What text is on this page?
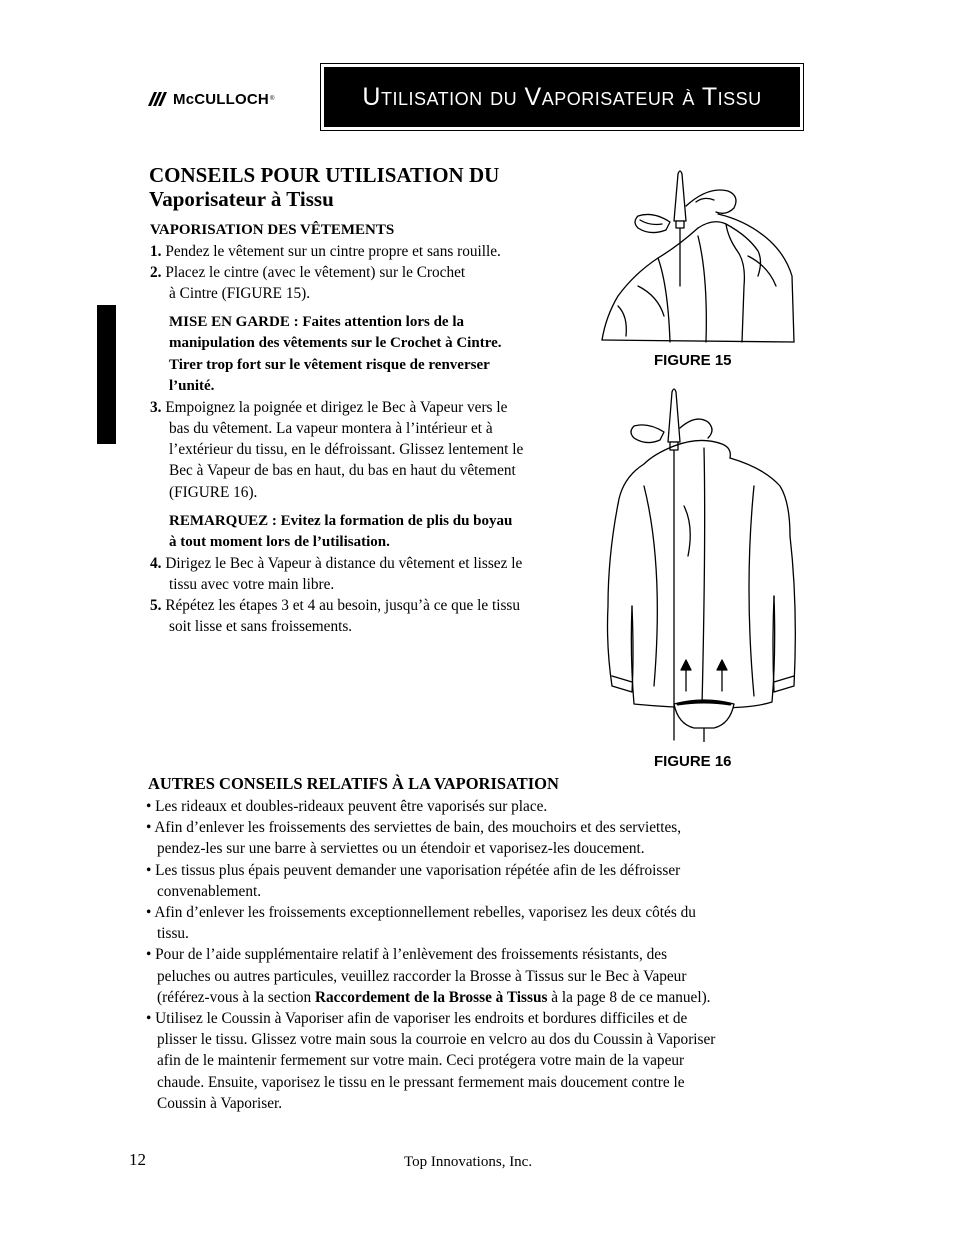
McCULLOCH ®	Utilisation du Vaporisateur à Tissu
CONSEILS POUR UTILISATION DU
Vaporisateur à Tissu
VAPORISATION DES VÊTEMENTS
1. Pendez le vêtement sur un cintre propre et sans rouille.
2. Placez le cintre (avec le vêtement) sur le Crochet
à Cintre (FIGURE 15).
MISE EN GARDE : Faites attention lors de la
manipulation des vêtements sur le Crochet à Cintre.
Tirer trop fort sur le vêtement risque de renverser
l’unité.
3. Empoignez la poignée et dirigez le Bec à Vapeur vers le
bas du vêtement. La vapeur montera à l’intérieur et à
l’extérieur du tissu, en le défroissant. Glissez lentement le
Bec à Vapeur de bas en haut, du bas en haut du vêtement
(FIGURE 16).
REMARQUEZ : Evitez la formation de plis du boyau
à tout moment lors de l’utilisation.
4. Dirigez le Bec à Vapeur à distance du vêtement et lissez le
tissu avec votre main libre.
5. Répétez les étapes 3 et 4 au besoin, jusqu’à ce que le tissu
soit lisse et sans froissements.
FIGURE 15
FIGURE 16
AUTRES CONSEILS RELATIFS À LA VAPORISATION
• Les rideaux et doubles-rideaux peuvent être vaporisés sur place.
• Afin d’enlever les froissements des serviettes de bain, des mouchoirs et des serviettes,
pendez-les sur une barre à serviettes ou un étendoir et vaporisez-les doucement.
• Les tissus plus épais peuvent demander une vaporisation répétée afin de les défroisser
convenablement.
• Afin d’enlever les froissements exceptionnellement rebelles, vaporisez les deux côtés du
tissu.
• Pour de l’aide supplémentaire relatif à l’enlèvement des froissements résistants, des
peluches ou autres particules, veuillez raccorder la Brosse à Tissus sur le Bec à Vapeur
(référez-vous à la section Raccordement de la Brosse à Tissus à la page 8 de ce manuel).
• Utilisez le Coussin à Vaporiser afin de vaporiser les endroits et bordures difficiles et de
plisser le tissu. Glissez votre main sous la courroie en velcro au dos du Coussin à Vaporiser
afin de le maintenir fermement sur votre main. Ceci protégera votre main de la vapeur
chaude. Ensuite, vaporisez le tissu en le pressant fermement mais doucement contre le
Coussin à Vaporiser.
12	Top Innovations, Inc.
